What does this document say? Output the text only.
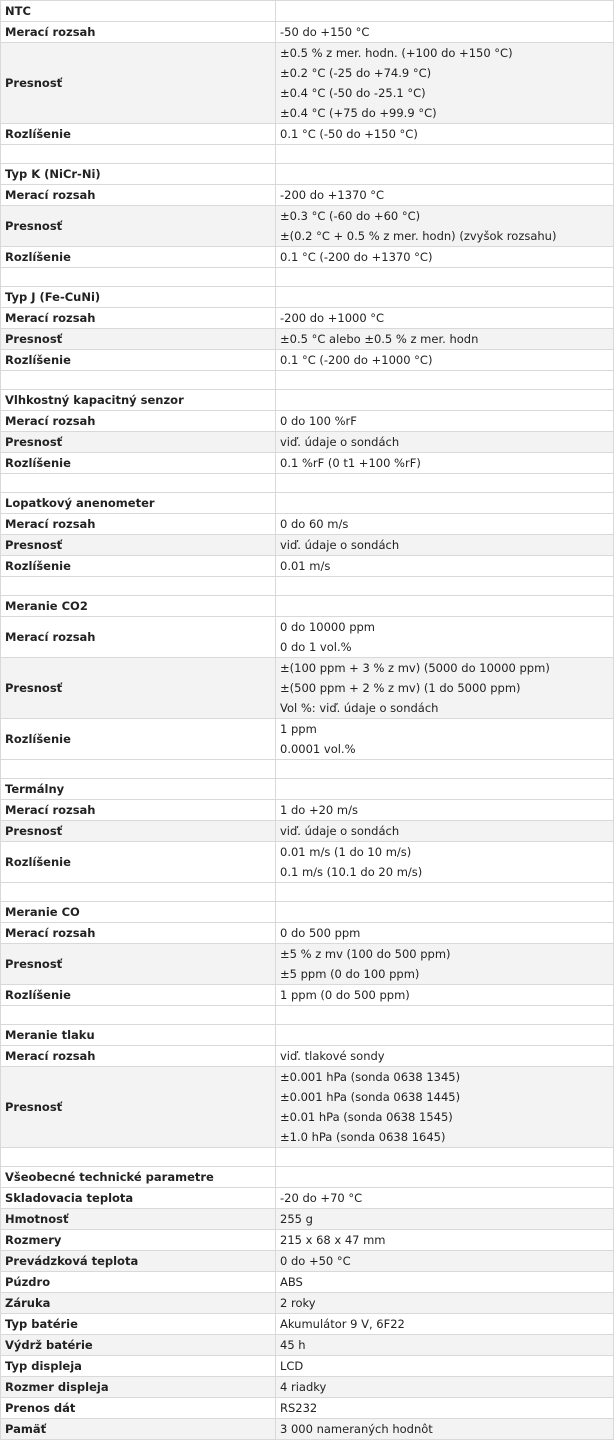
NTC	
Merací rozsah	-50 do +150 °C

Presnosť	±0.5 % z mer. hodn. (+100 do +150 °C)
±0.2 °C (-25 do +74.9 °C)
±0.4 °C (-50 do -25.1 °C)
±0.4 °C (+75 do +99.9 °C)

Rozlíšenie	0.1 °C (-50 do +150 °C)

Typ K (NiCr-Ni)	
Merací rozsah	-200 do +1370 °C

Presnosť	±0.3 °C (-60 do +60 °C)
±(0.2 °C + 0.5 % z mer. hodn) (zvyšok rozsahu)

Rozlíšenie	0.1 °C (-200 do +1370 °C)

Typ J (Fe-CuNi)	
Merací rozsah	-200 do +1000 °C

Presnosť	±0.5 °C alebo ±0.5 % z mer. hodn

Rozlíšenie	0.1 °C (-200 do +1000 °C)

Vlhkostný kapacitný senzor	
Merací rozsah	0 do 100 %rF

Presnosť	viď. údaje o sondách

Rozlíšenie	0.1 %rF (0 t1 +100 %rF)

Lopatkový anenometer	
Merací rozsah	0 do 60 m/s

Presnosť	viď. údaje o sondách

Rozlíšenie	0.01 m/s

Meranie CO2	
Merací rozsah	0 do 10000 ppm
0 do 1 vol.%

Presnosť	±(100 ppm + 3 % z mv) (5000 do 10000 ppm)
±(500 ppm + 2 % z mv) (1 do 5000 ppm)
Vol %: viď. údaje o sondách

Rozlíšenie	1 ppm
0.0001 vol.%

Termálny	
Merací rozsah	1 do +20 m/s

Presnosť	viď. údaje o sondách

Rozlíšenie	0.01 m/s (1 do 10 m/s)
0.1 m/s (10.1 do 20 m/s)

Meranie CO	
Merací rozsah	0 do 500 ppm

Presnosť	±5 % z mv (100 do 500 ppm)
±5 ppm (0 do 100 ppm)

Rozlíšenie	1 ppm (0 do 500 ppm)

Meranie tlaku	
Merací rozsah	viď. tlakové sondy

Presnosť	±0.001 hPa (sonda 0638 1345)
±0.001 hPa (sonda 0638 1445)
±0.01 hPa (sonda 0638 1545)
±1.0 hPa (sonda 0638 1645)

Všeobecné technické parametre	
Skladovacia teplota	-20 do +70 °C

Hmotnosť	255 g

Rozmery	215 x 68 x 47 mm

Prevádzková teplota	0 do +50 °C

Púzdro	ABS

Záruka	2 roky

Typ batérie	Akumulátor 9 V, 6F22

Výdrž batérie	45 h

Typ displeja	LCD

Rozmer displeja	4 riadky

Prenos dát	RS232

Pamäť	3 000 nameraných hodnôt
